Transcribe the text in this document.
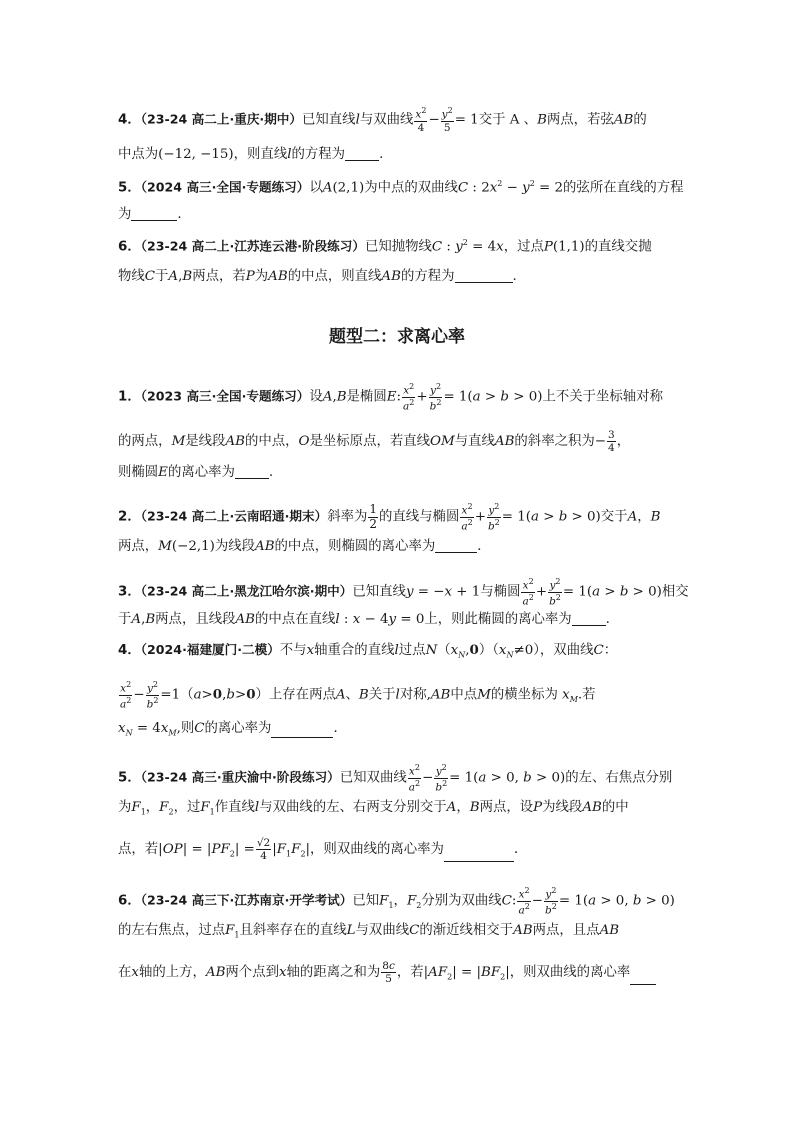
4．（23-24 高二上·重庆·期中）已知直线l与双曲线 $\frac{x^2}{4} - \frac{y^2}{5} = 1$交于 A 、B两点，若弦AB的
中点为(−12, −15)，则直线l的方程为	.
5．（2024 高三·全国·专题练习）以A(2,1)为中点的双曲线C : $2x^2 - y^2 = 2$的弦所在直线的方程
为	.
6．（23-24 高二上·江苏连云港·阶段练习）已知抛物线C : $y^2 = 4x$，过点P(1,1)的直线交抛
物线C于A,B两点，若P为AB的中点，则直线AB的方程为	.
题型二：求离心率
1．（2023 高三·全国·专题练习）设A,B是椭圆E: $\frac{x^2}{a^2} + \frac{y^2}{b^2} = 1(a > b > 0)$上不关于坐标轴对称
的两点，M是线段AB的中点，O是坐标原点，若直线OM与直线AB的斜率之积为− $\frac{3}{4}$ ，
则椭圆E的离心率为	.
2．（23-24 高二上·云南昭通·期末）斜率为 $\frac{1}{2}$ 的直线与椭圆 $\frac{x^2}{a^2} + \frac{y^2}{b^2} = 1(a > b > 0)$交于A，B
两点，M(−2,1)为线段AB的中点，则椭圆的离心率为	．
3．（23-24 高二上·黑龙江哈尔滨·期中）已知直线y = −x + 1与椭圆 $\frac{x^2}{a^2} + \frac{y^2}{b^2} = 1(a > b > 0)$相交
于A,B两点，且线段AB的中点在直线l : x − 4y = 0上，则此椭圆的离心率为	.
4．（2024·福建厦门·二模）不与x轴重合的直线l过点$N(x_N,0)(x_N\ne 0)$，双曲线C：
$\frac{x^2}{a^2} - \frac{y^2}{b^2} =1(a>0,b>0)$上存在两点A、B关于l对称,AB中点M的横坐标为 $x_M$.若
$x_N = 4x_M$,则C的离心率为	．
5．（23-24 高三·重庆渝中·阶段练习）已知双曲线 $\frac{x^2}{a^2} - \frac{y^2}{b^2} = 1(a > 0$, b > 0)的左、右焦点分别
为$F_1$，$F_2$，过$F_1$作直线l与双曲线的左、右两支分别交于A，B两点，设P为线段AB的中
点，若$|OP| = |PF_2| = \frac{√2}{4} |F_1F_2|$，则双曲线的离心率为	．
6．（23-24 高三下·江苏南京·开学考试）已知$F_1$，$F_2$分别为双曲线C: $\frac{x^2}{a^2} - \frac{y^2}{b^2} = 1(a > 0$, b > 0)
的左右焦点，过点$F_1$且斜率存在的直线L与双曲线C的渐近线相交于AB两点，且点AB
在x轴的上方，AB两个点到x轴的距离之和为 $\frac{8c}{5}$ ，若$|AF_2| = |BF_2|$，则双曲线的离心率
